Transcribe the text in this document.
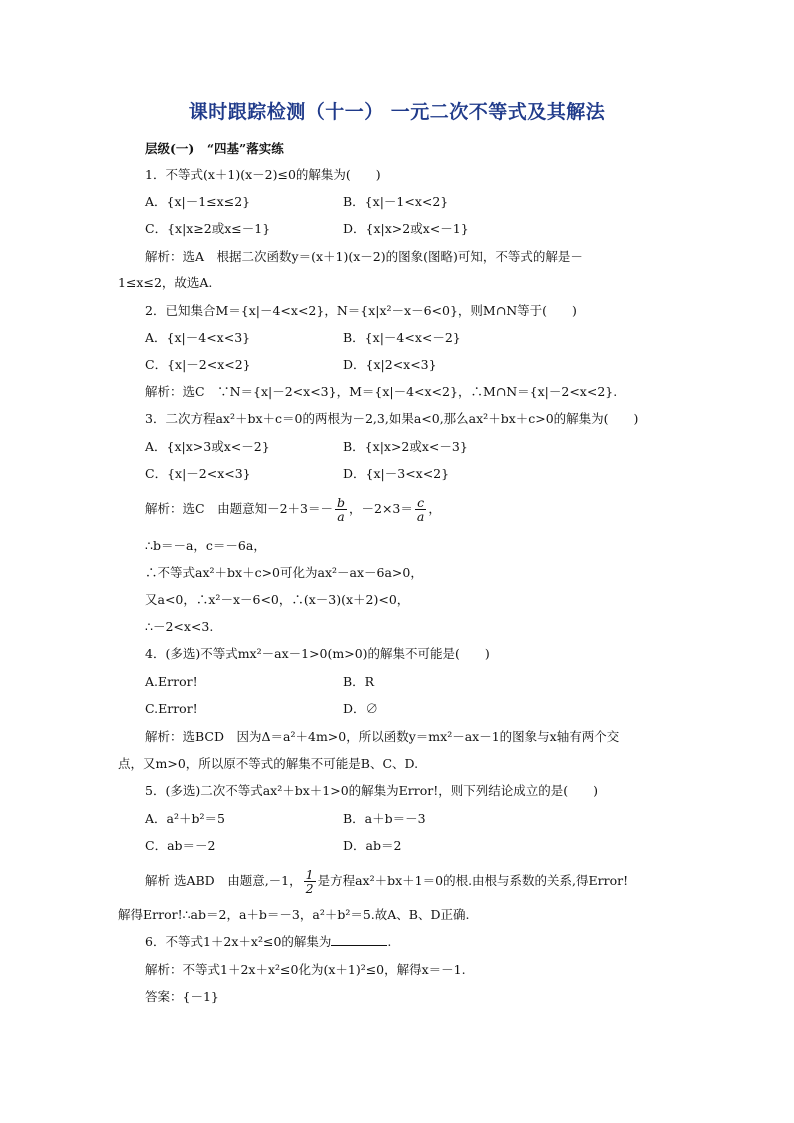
课时跟踪检测（十一） 一元二次不等式及其解法
层级(一)　“四基”落实练
1．不等式(x＋1)(x－2)≤0的解集为(　　)
A．{x|－1≤x≤2}	B．{x|－1<x<2}
C．{x|x≥2或x≤－1}	D．{x|x>2或x<－1}
解析：选A　根据二次函数y＝(x＋1)(x－2)的图象(图略)可知，不等式的解是－
1≤x≤2，故选A.
2．已知集合M＝{x|－4<x<2}，N＝{x|x²－x－6<0}，则M∩N等于(　　)
A．{x|－4<x<3}	B．{x|－4<x<－2}
C．{x|－2<x<2}	D．{x|2<x<3}
解析：选C　∵N＝{x|－2<x<3}，M＝{x|－4<x<2}，∴M∩N＝{x|－2<x<2}.
3．二次方程ax²＋bx＋c＝0的两根为－2,3,如果a<0,那么ax²＋bx＋c>0的解集为(　　)
A．{x|x>3或x<－2}	B．{x|x>2或x<－3}
C．{x|－2<x<3}	D．{x|－3<x<2}
解析：选C　由题意知$-2+3=- \frac{b}{a}$ ，$-2\times 3= \frac{c}{a}$ ，
∴b＝－a，c＝－6a，
∴不等式ax²＋bx＋c>0可化为ax²－ax－6a>0，
又a<0，∴x²－x－6<0，∴(x－3)(x＋2)<0，
∴－2<x<3.
4．(多选)不等式mx²－ax－1>0(m>0)的解集不可能是(　　)
A.Error!	B．R
C.Error!	D．∅
解析：选BCD　因为Δ＝a²＋4m>0，所以函数y＝mx²－ax－1的图象与x轴有两个交
点，又m>0，所以原不等式的解集不可能是B、C、D.
5．(多选)二次不等式ax²＋bx＋1>0的解集为Error!，则下列结论成立的是(　　)
A．a²＋b²＝5	B．a＋b＝－3
C．ab＝－2	D．ab＝2
解析 选ABD　由题意,－1， $\frac{1}{2}$ 是方程ax²＋bx＋1＝0的根.由根与系数的关系,得Error!
解得Error!∴ab＝2，a＋b＝－3，a²＋b²＝5.故A、B、D正确.
6．不等式1＋2x＋x²≤0的解集为	.
解析：不等式1＋2x＋x²≤0化为(x＋1)²≤0，解得x＝－1.
答案：{－1}
